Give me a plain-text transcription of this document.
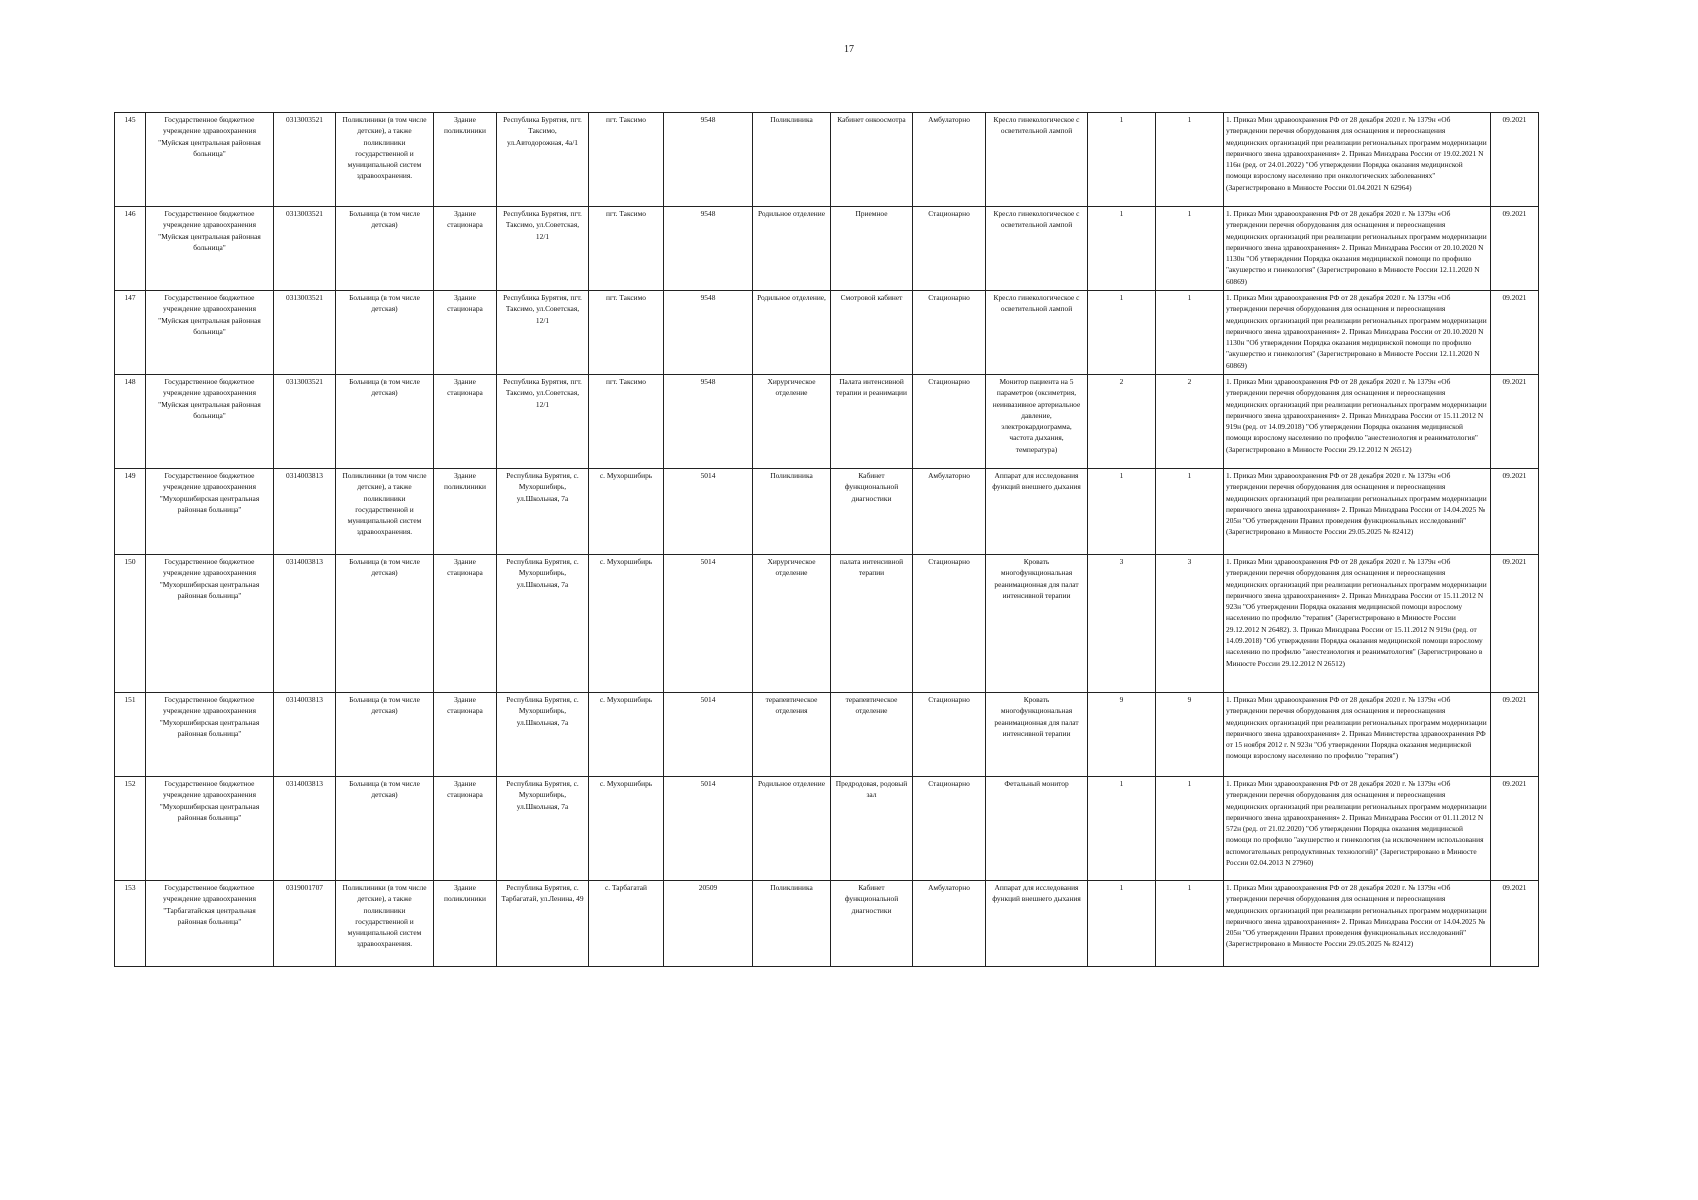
17
145	Государственное бюджетное учреждение здравоохранения "Муйская центральная районная больница"	0313003521	Поликлиники (в том числе детские), а также поликлиники государственной и муниципальной систем здравоохранения.	Здание поликлиники	Республика Бурятия, пгт. Таксимо, ул.Автодорожная, 4а/1	пгт. Таксимо	9548	Поликлиника	Кабинет онкоосмотра	Амбулаторно	Кресло гинекологическое с осветительной лампой	1	1	1. Приказ Мин здравоохранения РФ от 28 декабря 2020 г. № 1379н «Об утверждении перечня оборудования для оснащения и переоснащения медицинских организаций при реализации региональных программ модернизации первичного звена здравоохранения» 2. Приказ Минздрава России от 19.02.2021 N 116н (ред. от 24.01.2022) "Об утверждении Порядка оказания медицинской помощи взрослому населению при онкологических заболеваниях" (Зарегистрировано в Минюсте России 01.04.2021 N 62964)	09.2021
146	Государственное бюджетное учреждение здравоохранения "Муйская центральная районная больница"	0313003521	Больница (в том числе детская)	Здание стационара	Республика Бурятия, пгт. Таксимо, ул.Советская, 12/1	пгт. Таксимо	9548	Родильное отделение	Приемное	Стационарно	Кресло гинекологическое с осветительной лампой	1	1	1. Приказ Мин здравоохранения РФ от 28 декабря 2020 г. № 1379н «Об утверждении перечня оборудования для оснащения и переоснащения медицинских организаций при реализации региональных программ модернизации первичного звена здравоохранения» 2. Приказ Минздрава России от 20.10.2020 N 1130н "Об утверждении Порядка оказания медицинской помощи по профилю "акушерство и гинекология" (Зарегистрировано в Минюсте России 12.11.2020 N 60869)	09.2021
147	Государственное бюджетное учреждение здравоохранения "Муйская центральная районная больница"	0313003521	Больница (в том числе детская)	Здание стационара	Республика Бурятия, пгт. Таксимо, ул.Советская, 12/1	пгт. Таксимо	9548	Родильное отделение,	Смотровой кабинет	Стационарно	Кресло гинекологическое с осветительной лампой	1	1	1. Приказ Мин здравоохранения РФ от 28 декабря 2020 г. № 1379н «Об утверждении перечня оборудования для оснащения и переоснащения медицинских организаций при реализации региональных программ модернизации первичного звена здравоохранения» 2. Приказ Минздрава России от 20.10.2020 N 1130н "Об утверждении Порядка оказания медицинской помощи по профилю "акушерство и гинекология" (Зарегистрировано в Минюсте России 12.11.2020 N 60869)	09.2021
148	Государственное бюджетное учреждение здравоохранения "Муйская центральная районная больница"	0313003521	Больница (в том числе детская)	Здание стационара	Республика Бурятия, пгт. Таксимо, ул.Советская, 12/1	пгт. Таксимо	9548	Хирургическое отделение	Палата интенсивной терапии и реанимации	Стационарно	Монитор пациента на 5 параметров (оксиметрия, неинвазивное артериальное давление, электрокардиограмма, частота дыхания, температура)	2	2	1. Приказ Мин здравоохранения РФ от 28 декабря 2020 г. № 1379н «Об утверждении перечня оборудования для оснащения и переоснащения медицинских организаций при реализации региональных программ модернизации первичного звена здравоохранения» 2. Приказ Минздрава России от 15.11.2012 N 919н (ред. от 14.09.2018) "Об утверждении Порядка оказания медицинской помощи взрослому населению по профилю "анестезиология и реаниматология" (Зарегистрировано в Минюсте России 29.12.2012 N 26512)	09.2021
149	Государственное бюджетное учреждение здравоохранения "Мухоршибирская центральная районная больница"	0314003813	Поликлиники (в том числе детские), а также поликлиники государственной и муниципальной систем здравоохранения.	Здание поликлиники	Республика Бурятия, с. Мухоршибирь, ул.Школьная, 7а	с. Мухоршибирь	5014	Поликлиника	Кабинет функциональной диагностики	Амбулаторно	Аппарат для исследования функций внешнего дыхания	1	1	1. Приказ Мин здравоохранения РФ от 28 декабря 2020 г. № 1379н «Об утверждении перечня оборудования для оснащения и переоснащения медицинских организаций при реализации региональных программ модернизации первичного звена здравоохранения» 2. Приказ Минздрава России от 14.04.2025 № 205н "Об утверждении Правил проведения функциональных исследований" (Зарегистрировано в Минюсте России 29.05.2025 № 82412)	09.2021
150	Государственное бюджетное учреждение здравоохранения "Мухоршибирская центральная районная больница"	0314003813	Больница (в том числе детская)	Здание стационара	Республика Бурятия, с. Мухоршибирь, ул.Школьная, 7а	с. Мухоршибирь	5014	Хирургическое отделение	палата интенсивной терапии	Стационарно	Кровать многофункциональная реанимационная для палат интенсивной терапии	3	3	1. Приказ Мин здравоохранения РФ от 28 декабря 2020 г. № 1379н «Об утверждении перечня оборудования для оснащения и переоснащения медицинских организаций при реализации региональных программ модернизации первичного звена здравоохранения» 2. Приказ Минздрава России от 15.11.2012 N 923н "Об утверждении Порядка оказания медицинской помощи взрослому населению по профилю "терапия" (Зарегистрировано в Минюсте России 29.12.2012 N 26482). 3. Приказ Минздрава России от 15.11.2012 N 919н (ред. от 14.09.2018) "Об утверждении Порядка оказания медицинской помощи взрослому населению по профилю "анестезиология и реаниматология" (Зарегистрировано в Минюсте России 29.12.2012 N 26512)	09.2021
151	Государственное бюджетное учреждение здравоохранения "Мухоршибирская центральная районная больница"	0314003813	Больница (в том числе детская)	Здание стационара	Республика Бурятия, с. Мухоршибирь, ул.Школьная, 7а	с. Мухоршибирь	5014	терапевтическое отделения	терапевтическое отделение	Стационарно	Кровать многофункциональная реанимационная для палат интенсивной терапии	9	9	1. Приказ Мин здравоохранения РФ от 28 декабря 2020 г. № 1379н «Об утверждении перечня оборудования для оснащения и переоснащения медицинских организаций при реализации региональных программ модернизации первичного звена здравоохранения» 2. Приказ Министерства здравоохранения РФ от 15 ноября 2012 г. N 923н "Об утверждении Порядка оказания медицинской помощи взрослому населению по профилю "терапия")	09.2021
152	Государственное бюджетное учреждение здравоохранения "Мухоршибирская центральная районная больница"	0314003813	Больница (в том числе детская)	Здание стационара	Республика Бурятия, с. Мухоршибирь, ул.Школьная, 7а	с. Мухоршибирь	5014	Родильное отделение	Предродовая, родовый зал	Стационарно	Фетальный монитор	1	1	1. Приказ Мин здравоохранения РФ от 28 декабря 2020 г. № 1379н «Об утверждении перечня оборудования для оснащения и переоснащения медицинских организаций при реализации региональных программ модернизации первичного звена здравоохранения» 2. Приказ Минздрава России от 01.11.2012 N 572н (ред. от 21.02.2020) "Об утверждении Порядка оказания медицинской помощи по профилю "акушерство и гинекология (за исключением использования вспомогательных репродуктивных технологий)" (Зарегистрировано в Минюсте России 02.04.2013 N 27960)	09.2021
153	Государственное бюджетное учреждение здравоохранения "Тарбагатайская центральная районная больница"	0319001707	Поликлиники (в том числе детские), а также поликлиники государственной и муниципальной систем здравоохранения.	Здание поликлиники	Республика Бурятия, с. Тарбагатай, ул.Ленина, 49	с. Тарбагатай	20509	Поликлиника	Кабинет функциональной диагностики	Амбулаторно	Аппарат для исследования функций внешнего дыхания	1	1	1. Приказ Мин здравоохранения РФ от 28 декабря 2020 г. № 1379н «Об утверждении перечня оборудования для оснащения и переоснащения медицинских организаций при реализации региональных программ модернизации первичного звена здравоохранения» 2. Приказ Минздрава России от 14.04.2025 № 205н "Об утверждении Правил проведения функциональных исследований" (Зарегистрировано в Минюсте России 29.05.2025 № 82412)	09.2021
